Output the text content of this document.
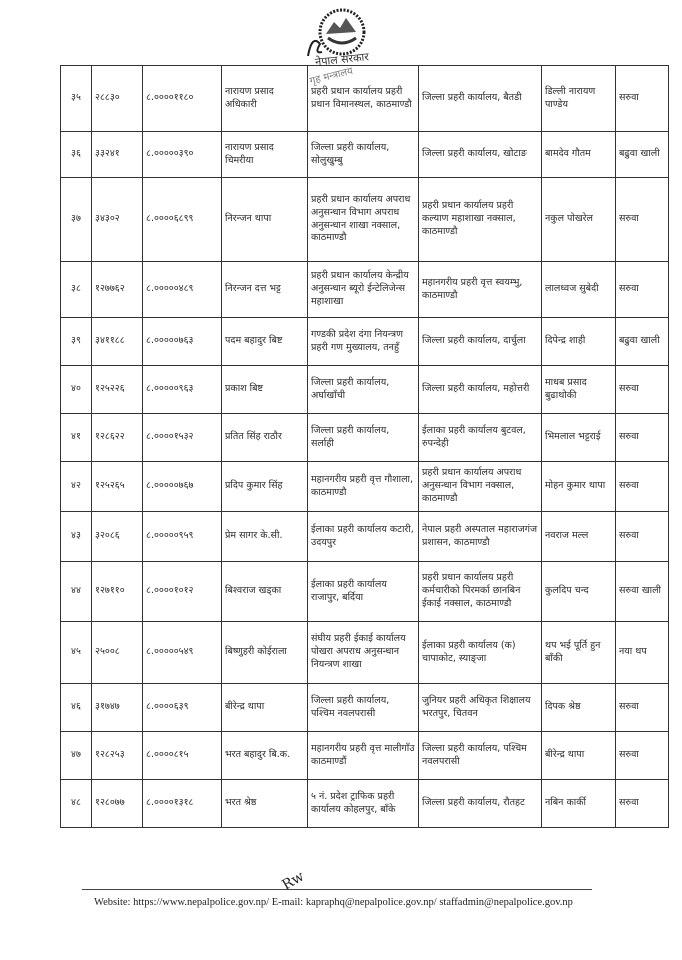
नेपाल सरकार
३५	२८८३०	८.००००११८०	नारायण प्रसाद अधिकारी	प्रहरी प्रधान कार्यालय प्रहरी प्रधान विमानस्थल, काठमाण्डौ	जिल्ला प्रहरी कार्यालय, बैतडी	डिल्ली नारायण पाण्डेय	सरुवा
३६	३३२४१	८.०००००३९०	नारायण प्रसाद चिमरीया	जिल्ला प्रहरी कार्यालय, सोलुखुम्बु	जिल्ला प्रहरी कार्यालय, खोटाङ	बामदेव गौतम	बढुवा खाली
३७	३४३०२	८.००००६८९९	निरन्जन थापा	प्रहरी प्रधान कार्यालय अपराध अनुसन्धान विभाग अपराध अनुसन्धान शाखा नक्साल, काठमाण्डौ	प्रहरी प्रधान कार्यालय प्रहरी कल्याण महाशाखा नक्साल, काठमाण्डौ	नकुल पोखरेल	सरुवा
३८	१२७७६२	८.०००००४८९	निरन्जन दत्त भट्ट	प्रहरी प्रधान कार्यालय केन्द्रीय अनुसन्धान ब्यूरो ईन्टेलिजेन्स महाशाखा	महानगरीय प्रहरी वृत्त स्वयम्भु, काठमाण्डौ	लालध्वज सुबेदी	सरुवा
३९	३४११८८	८.०००००७६३	पदम बहादुर बिष्ट	गण्डकी प्रदेश दंगा नियन्त्रण प्रहरी गण मुख्यालय, तनहुँ	जिल्ला प्रहरी कार्यालय, दार्चुला	दिपेन्द्र शाही	बढुवा खाली
४०	१२५२२६	८.०००००९६३	प्रकाश बिष्ट	जिल्ला प्रहरी कार्यालय, अर्घाखाँची	जिल्ला प्रहरी कार्यालय, महोत्तरी	माधब प्रसाद बुढाथोकी	सरुवा
४१	१२८६२२	८.००००१५३२	प्रतित सिंह राठौर	जिल्ला प्रहरी कार्यालय, सर्लाही	ईलाका प्रहरी कार्यालय बुटवल, रुपन्देही	भिमलाल भट्टराई	सरुवा
४२	१२५२६५	८.०००००७६७	प्रदिप कुमार सिंह	महानगरीय प्रहरी वृत्त गौशाला, काठमाण्डौ	प्रहरी प्रधान कार्यालय अपराध अनुसन्धान विभाग नक्साल, काठमाण्डौ	मोहन कुमार थापा	सरुवा
४३	३२०८६	८.०००००९५९	प्रेम सागर के.सी.	ईलाका प्रहरी कार्यालय कटारी, उदयपुर	नेपाल प्रहरी अस्पताल महाराजगंज प्रशासन, काठमाण्डौ	नवराज मल्ल	सरुवा
४४	१२७११०	८.००००१०१२	बिश्वराज खड्का	ईलाका प्रहरी कार्यालय राजापुर, बर्दिया	प्रहरी प्रधान कार्यालय प्रहरी कर्मचारीको पिरमर्का छानबिन ईकाई नक्साल, काठमाण्डौ	कुलदिप चन्द	सरुवा खाली
४५	२५००८	८.०००००५४९	बिष्णुहरी कोईराला	संघीय प्रहरी ईकाई कार्यालय पोखरा अपराध अनुसन्धान नियन्त्रण शाखा	ईलाका प्रहरी कार्यालय (क) चापाकोट, स्याङ्जा	थप भई पूर्ति हुन बाँकी	नया थप
४६	३१७४७	८.००००६३९	बीरेन्द्र थापा	जिल्ला प्रहरी कार्यालय, पश्चिम नवलपरासी	जुनियर प्रहरी अधिकृत शिक्षालय भरतपुर, चितवन	दिपक श्रेष्ठ	सरुवा
४७	१२८२५३	८.००००८१५	भरत बहादुर बि.क.	महानगरीय प्रहरी वृत्त मालीगाँउ काठमाण्डौं	जिल्ला प्रहरी कार्यालय, पश्चिम नवलपरासी	बीरेन्द्र थापा	सरुवा
४८	१२८०७७	८.००००१३१८	भरत श्रेष्ठ	५ नं. प्रदेश ट्राफिक प्रहरी कार्यालय कोहलपुर, बाँके	जिल्ला प्रहरी कार्यालय, रौतहट	नबिन कार्की	सरुवा
गृह मन्त्रालय
Rw
Website: https://www.nepalpolice.gov.np/ E-mail: kapraphq@nepalpolice.gov.np/ staffadmin@nepalpolice.gov.np
